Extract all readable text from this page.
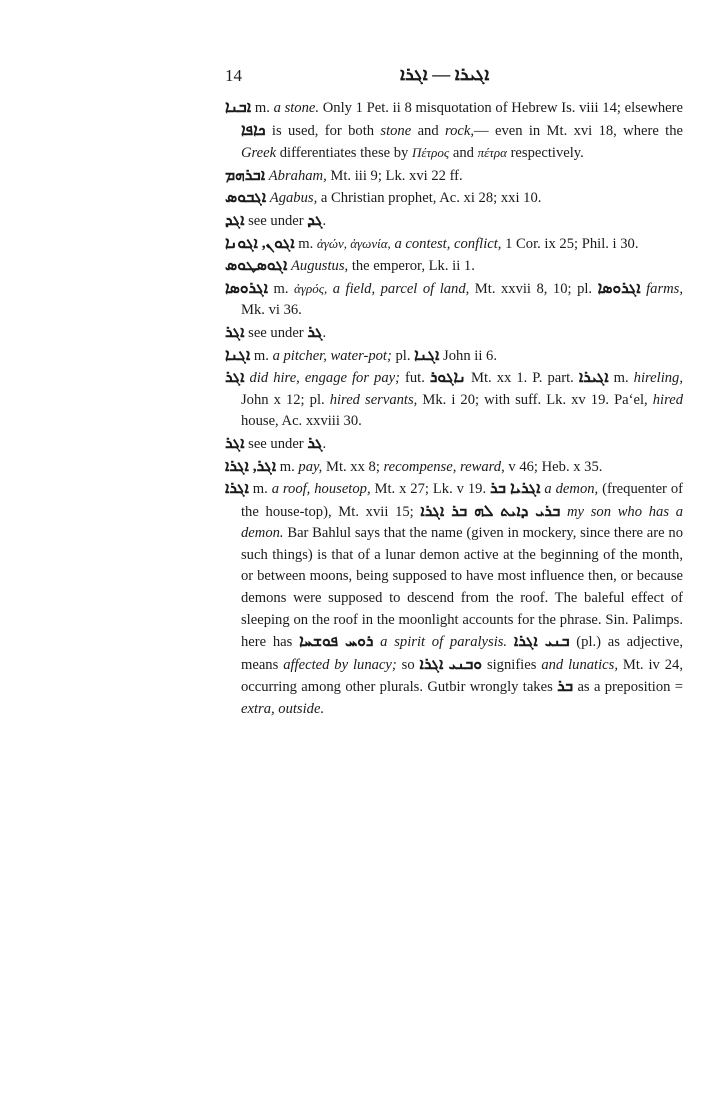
14	ܐܓܝܪܐ — ܐܓܪܐ

ܐܒܢܐ m. a stone. Only 1 Pet. ii 8 misquotation of Hebrew Is. viii 14; elsewhere ܟܐܦܐ is used, for both stone and rock,— even in Mt. xvi 18, where the Greek differentiates these by Πέτρος and πέτρα respectively.

ܐܒܪܗܡ Abraham, Mt. iii 9; Lk. xvi 22 ff.

ܐܓܒܘܣ Agabus, a Christian prophet, Ac. xi 28; xxi 10.

ܐܓܕ see under ܓܕ.

ܐܓܘܢ, ܐܓܘܢܐ m. ἀγών, ἀγωνία, a contest, conflict, 1 Cor. ix 25; Phil. i 30.

ܐܓܘܣܛܘܣ Augustus, the emperor, Lk. ii 1.

ܐܓܪܘܣܐ m. ἀγρός, a field, parcel of land, Mt. xxvii 8, 10; pl. ܐܓܪܘܣܐ farms, Mk. vi 36.

ܐܓܪ see under ܓܪ.

ܐܓܢܐ m. a pitcher, water-pot; pl. ܐܓܢܐ John ii 6.

ܐܓܪ did hire, engage for pay; fut. ܢܐܓܘܪ Mt. xx 1. P. part. ܐܓܝܪܐ m. hireling, John x 12; pl. hired servants, Mk. i 20; with suff. Lk. xv 19. Pa‘el, hired house, Ac. xxviii 30.

ܐܓܪ see under ܓܪ.

ܐܓܪ, ܐܓܪܐ m. pay, Mt. xx 8; recompense, reward, v 46; Heb. x 35.

ܐܓܪܐ m. a roof, housetop, Mt. x 27; Lk. v 19. ܐܓܪܝܐ ܒܪ a demon, (frequenter of the house-top), Mt. xvii 15; ܒܪܝ ܕܐܝܬ ܠܗ ܒܪ ܐܓܪܐ my son who has a demon. Bar Bahlul says that the name (given in mockery, since there are no such things) is that of a lunar demon active at the beginning of the month, or between moons, being supposed to have most influence then, or because demons were supposed to descend from the roof. The baleful effect of sleeping on the roof in the moonlight accounts for the phrase. Sin. Palimps. here has ܪܘܚ ܦܘܫܚܐ a spirit of paralysis. ܒܢܝ ܐܓܪܐ (pl.) as adjective, means affected by lunacy; so ܘܒܢܝ ܐܓܪܐ signifies and lunatics, Mt. iv 24, occurring among other plurals. Gutbir wrongly takes ܒܪ as a preposition = extra, outside.
